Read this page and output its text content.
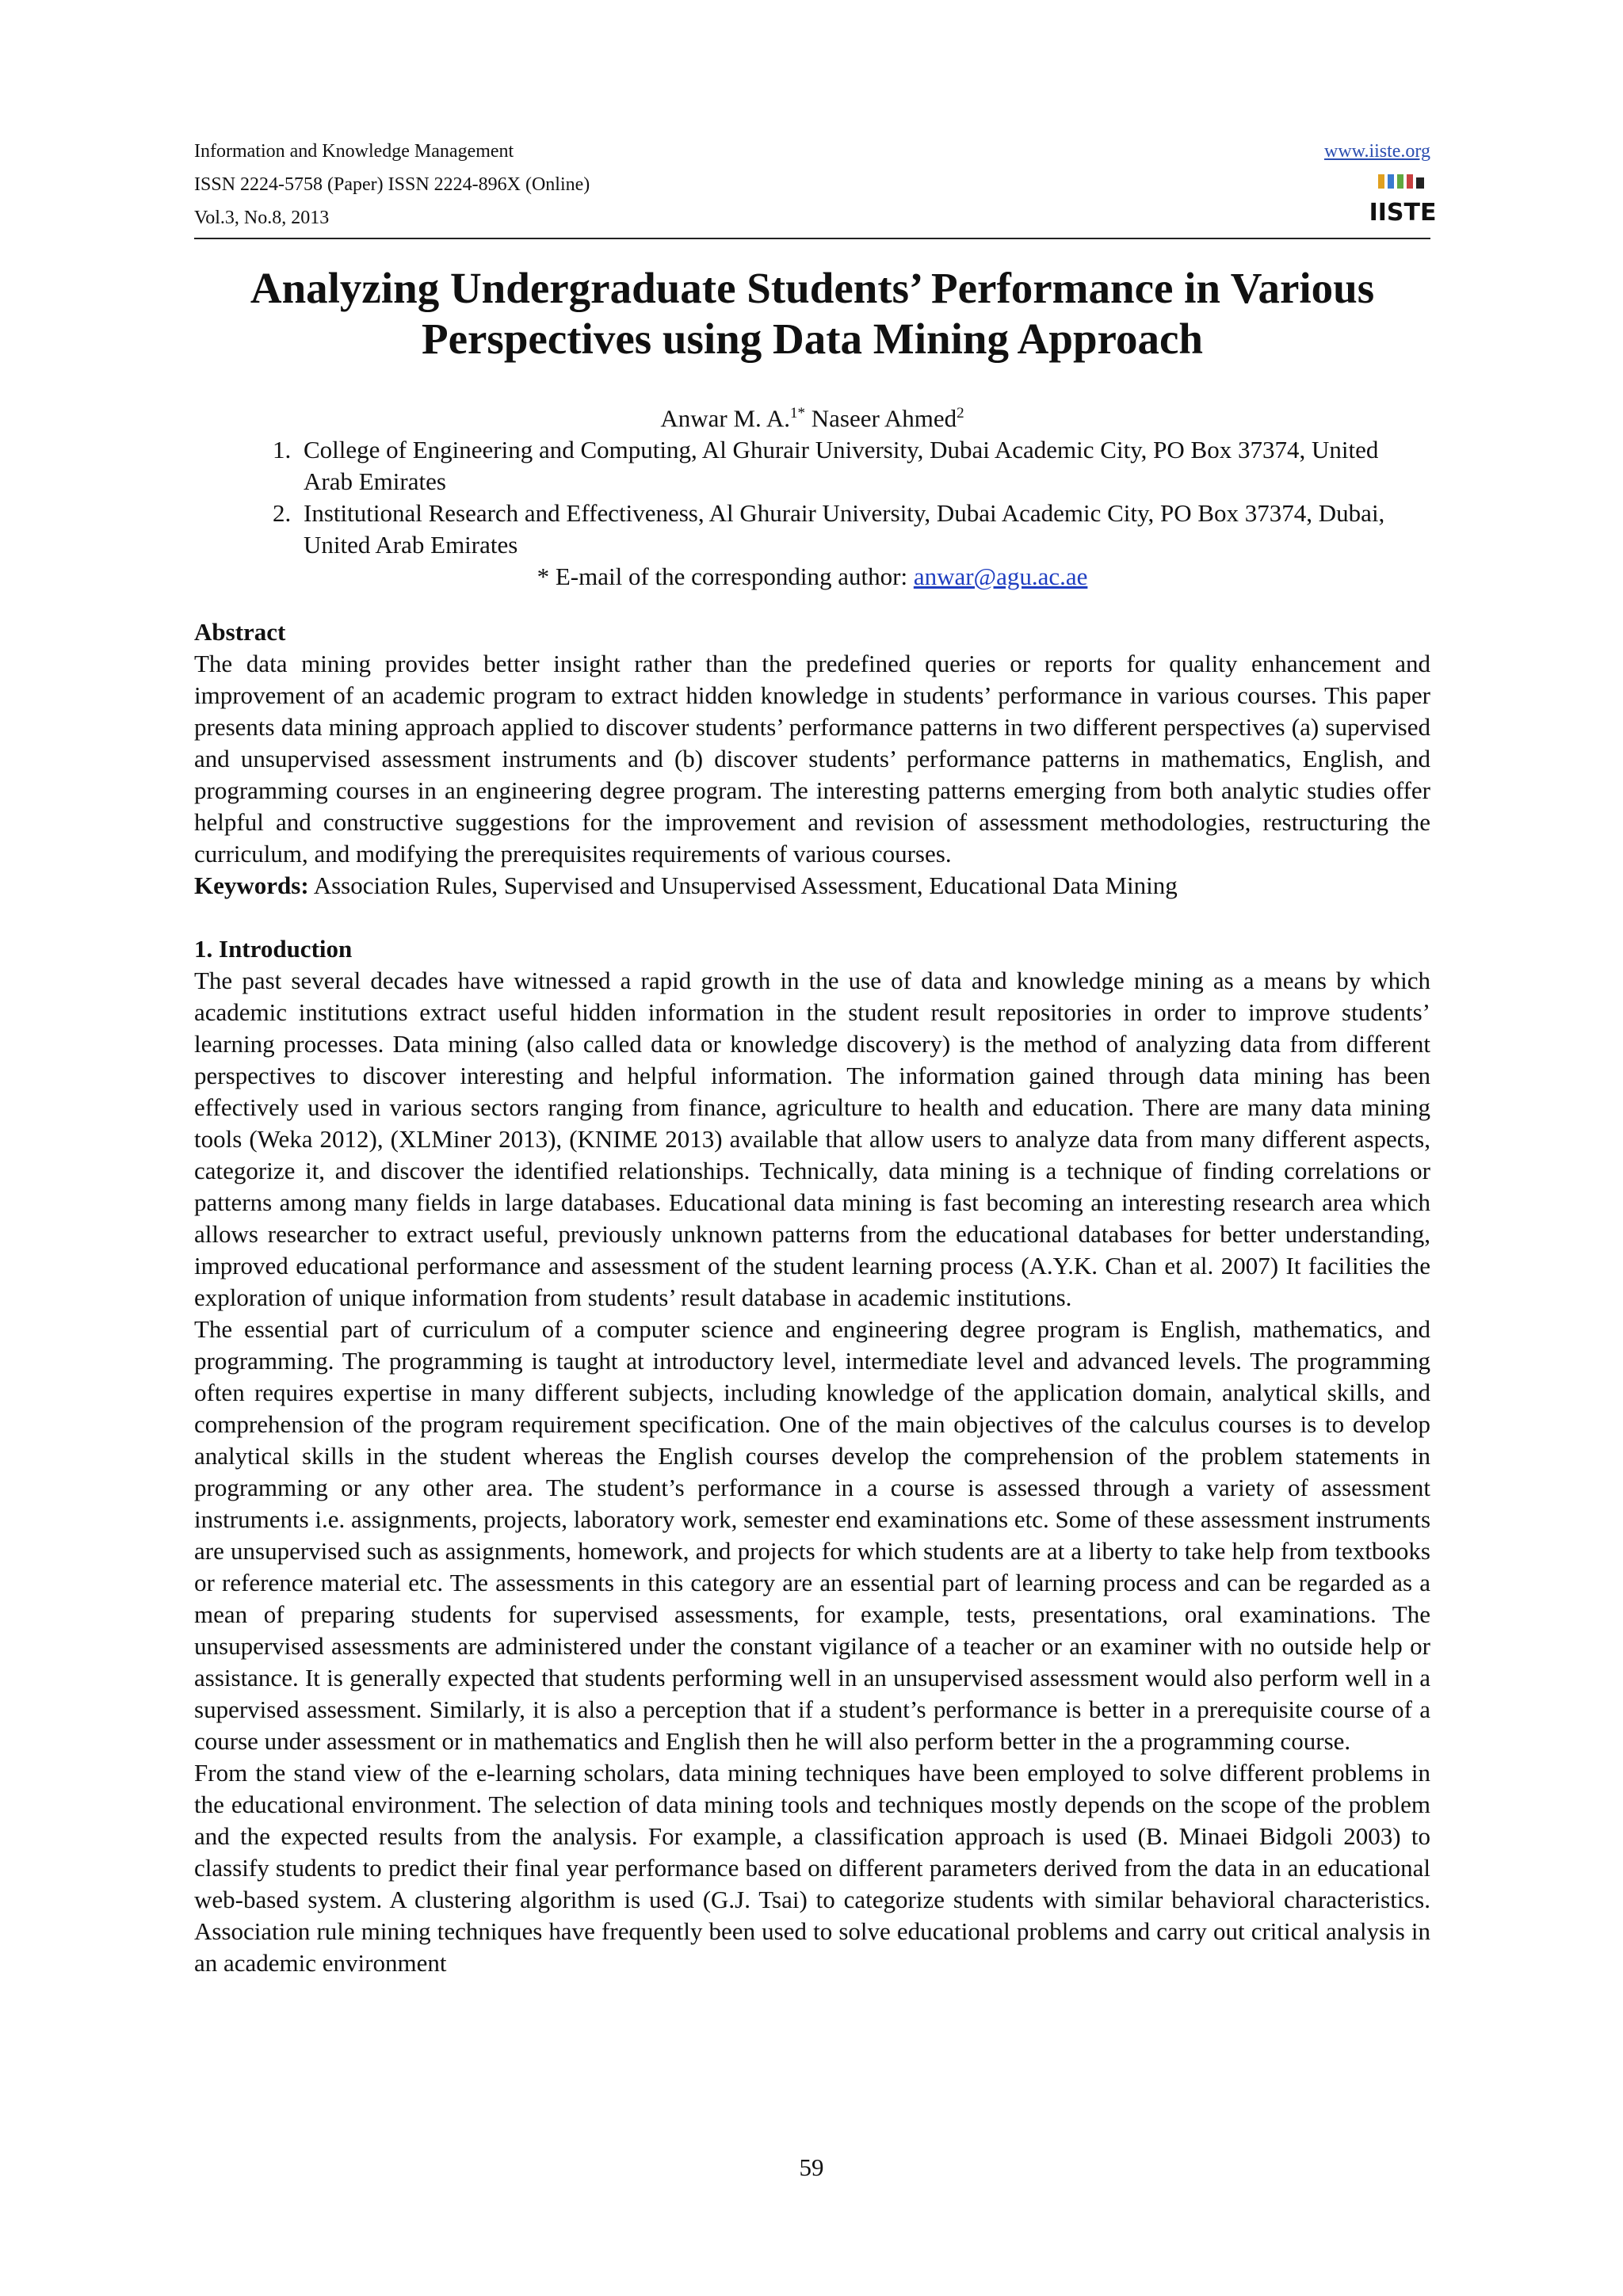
Information and Knowledge Management
ISSN 2224-5758 (Paper) ISSN 2224-896X (Online)
Vol.3, No.8, 2013
www.iiste.org
IISTE
Analyzing Undergraduate Students’ Performance in Various
Perspectives using Data Mining Approach
Anwar M. A.$^{1*}$ Naseer Ahmed$^2$
1. College of Engineering and Computing, Al Ghurair University, Dubai Academic City, PO Box 37374, United Arab Emirates
2. Institutional Research and Effectiveness, Al Ghurair University, Dubai Academic City, PO Box 37374, Dubai, United Arab Emirates
* E-mail of the corresponding author: anwar@agu.ac.ae
Abstract

The data mining provides better insight rather than the predefined queries or reports for quality enhancement and improvement of an academic program to extract hidden knowledge in students’ performance in various courses. This paper presents data mining approach applied to discover students’ performance patterns in two different perspectives (a) supervised and unsupervised assessment instruments and (b) discover students’ performance patterns in mathematics, English, and programming courses in an engineering degree program. The interesting patterns emerging from both analytic studies offer helpful and constructive suggestions for the improvement and revision of assessment methodologies, restructuring the curriculum, and modifying the prerequisites requirements of various courses.

Keywords: Association Rules, Supervised and Unsupervised Assessment, Educational Data Mining

1. Introduction

The past several decades have witnessed a rapid growth in the use of data and knowledge mining as a means by which academic institutions extract useful hidden information in the student result repositories in order to improve students’ learning processes. Data mining (also called data or knowledge discovery) is the method of analyzing data from different perspectives to discover interesting and helpful information. The information gained through data mining has been effectively used in various sectors ranging from finance, agriculture to health and education. There are many data mining tools (Weka 2012), (XLMiner 2013), (KNIME 2013) available that allow users to analyze data from many different aspects, categorize it, and discover the identified relationships. Technically, data mining is a technique of finding correlations or patterns among many fields in large databases. Educational data mining is fast becoming an interesting research area which allows researcher to extract useful, previously unknown patterns from the educational databases for better understanding, improved educational performance and assessment of the student learning process (A.Y.K. Chan et al. 2007) It facilities the exploration of unique information from students’ result database in academic institutions.

The essential part of curriculum of a computer science and engineering degree program is English, mathematics, and programming. The programming is taught at introductory level, intermediate level and advanced levels. The programming often requires expertise in many different subjects, including knowledge of the application domain, analytical skills, and comprehension of the program requirement specification. One of the main objectives of the calculus courses is to develop analytical skills in the student whereas the English courses develop the comprehension of the problem statements in programming or any other area. The student’s performance in a course is assessed through a variety of assessment instruments i.e. assignments, projects, laboratory work, semester end examinations etc. Some of these assessment instruments are unsupervised such as assignments, homework, and projects for which students are at a liberty to take help from textbooks or reference material etc. The assessments in this category are an essential part of learning process and can be regarded as a mean of preparing students for supervised assessments, for example, tests, presentations, oral examinations. The unsupervised assessments are administered under the constant vigilance of a teacher or an examiner with no outside help or assistance. It is generally expected that students performing well in an unsupervised assessment would also perform well in a supervised assessment. Similarly, it is also a perception that if a student’s performance is better in a prerequisite course of a course under assessment or in mathematics and English then he will also perform better in the a programming course.

From the stand view of the e-learning scholars, data mining techniques have been employed to solve different problems in the educational environment. The selection of data mining tools and techniques mostly depends on the scope of the problem and the expected results from the analysis. For example, a classification approach is used (B. Minaei Bidgoli 2003) to classify students to predict their final year performance based on different parameters derived from the data in an educational web-based system. A clustering algorithm is used (G.J. Tsai) to categorize students with similar behavioral characteristics. Association rule mining techniques have frequently been used to solve educational problems and carry out critical analysis in an academic environment

59
